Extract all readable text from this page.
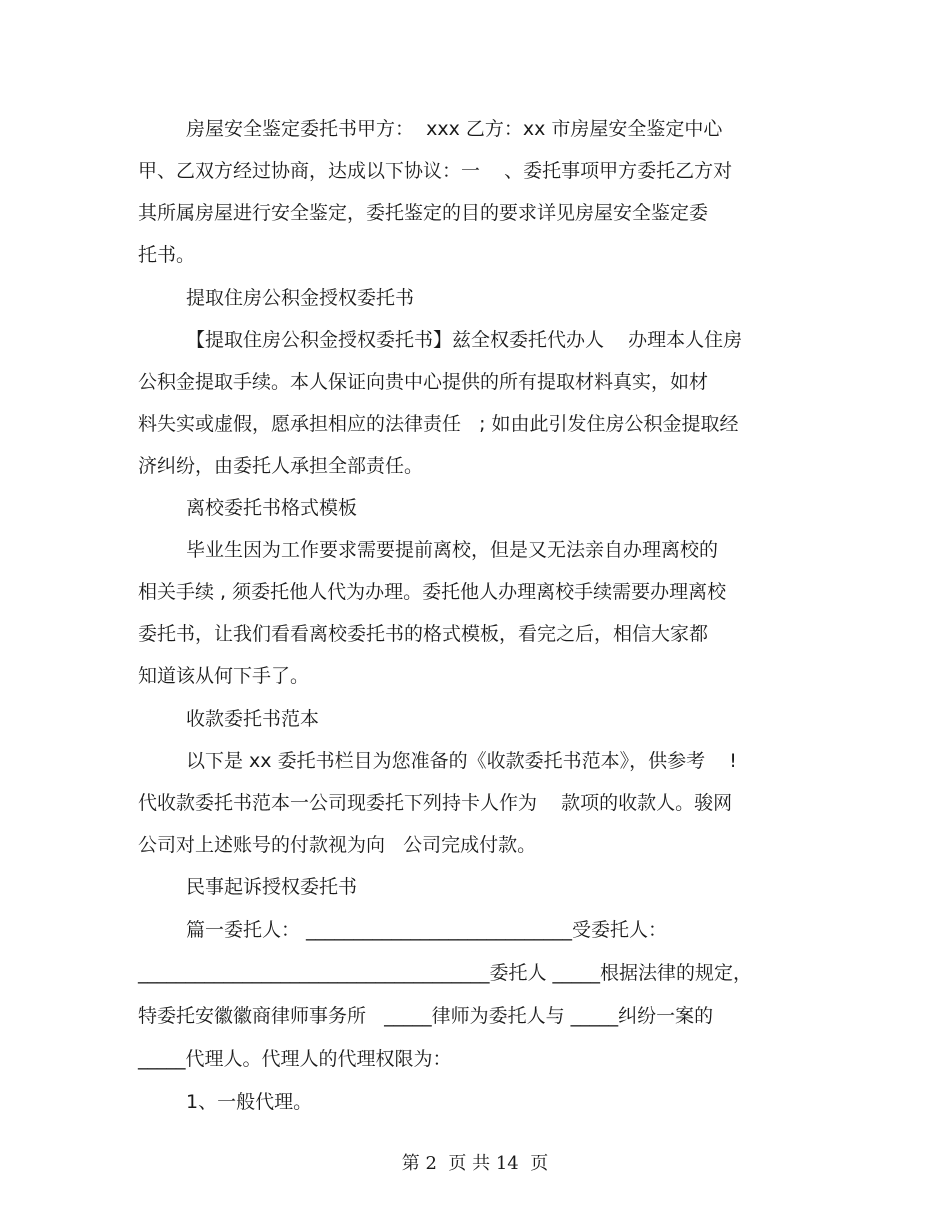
房屋安全鉴定委托书甲方：  xxx 乙方：xx 市房屋安全鉴定中心
甲、乙双方经过协商，达成以下协议：一    、委托事项甲方委托乙方对
其所属房屋进行安全鉴定，委托鉴定的目的要求详见房屋安全鉴定委
托书。
提取住房公积金授权委托书
【提取住房公积金授权委托书】兹全权委托代办人    办理本人住房
公积金提取手续。本人保证向贵中心提供的所有提取材料真实，如材
料失实或虚假，愿承担相应的法律责任   ; 如由此引发住房公积金提取经
济纠纷，由委托人承担全部责任。
离校委托书格式模板
毕业生因为工作要求需要提前离校，但是又无法亲自办理离校的
相关手续 , 须委托他人代为办理。委托他人办理离校手续需要办理离校
委托书，让我们看看离校委托书的格式模板，看完之后，相信大家都
知道该从何下手了。
收款委托书范本
以下是 xx 委托书栏目为您准备的《收款委托书范本》，供参考    !
代收款委托书范本一公司现委托下列持卡人作为    款项的收款人。骏网
公司对上述账号的付款视为向   公司完成付款。
民事起诉授权委托书
篇一委托人： ____________________________受委托人：
_____________________________________委托人 _____根据法律的规定，
特委托安徽徽商律师事务所   _____律师为委托人与 _____纠纷一案的
_____代理人。代理人的代理权限为：
1、一般代理。
第 2  页 共 14  页
